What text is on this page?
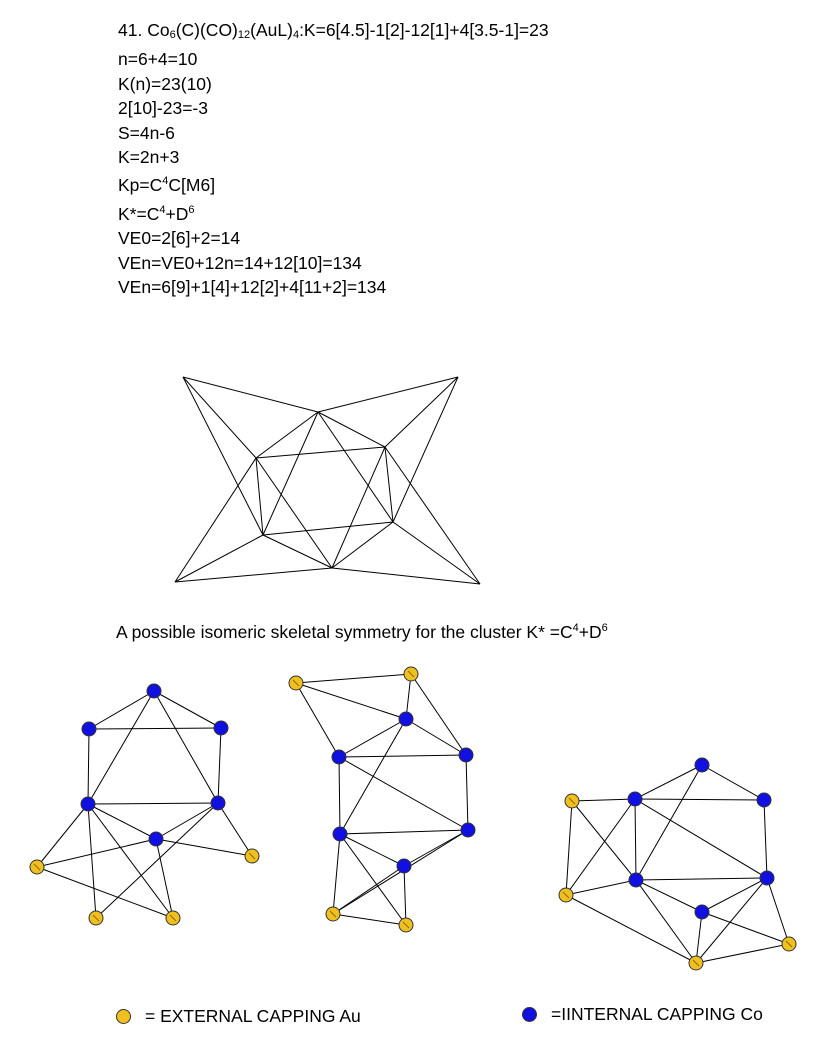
41. $Co_6(C)(CO)_{12}(AuL)_4:K=6[4.5]-1[2]-12[1]+4[3.5-1]=23$
n=6+4=10
K(n)=23(10)
2[10]-23=-3
S=4n-6
K=2n+3
$Kp=C^4C[M6]$
$K*=C^4+D^6$
VE0=2[6]+2=14
VEn=VE0+12n=14+12[10]=134
VEn=6[9]+1[4]+12[2]+4[11+2]=134
A possible isomeric skeletal symmetry for the cluster $K* =C^4+D^6$
= EXTERNAL CAPPING Au	=IINTERNAL CAPPING Co
